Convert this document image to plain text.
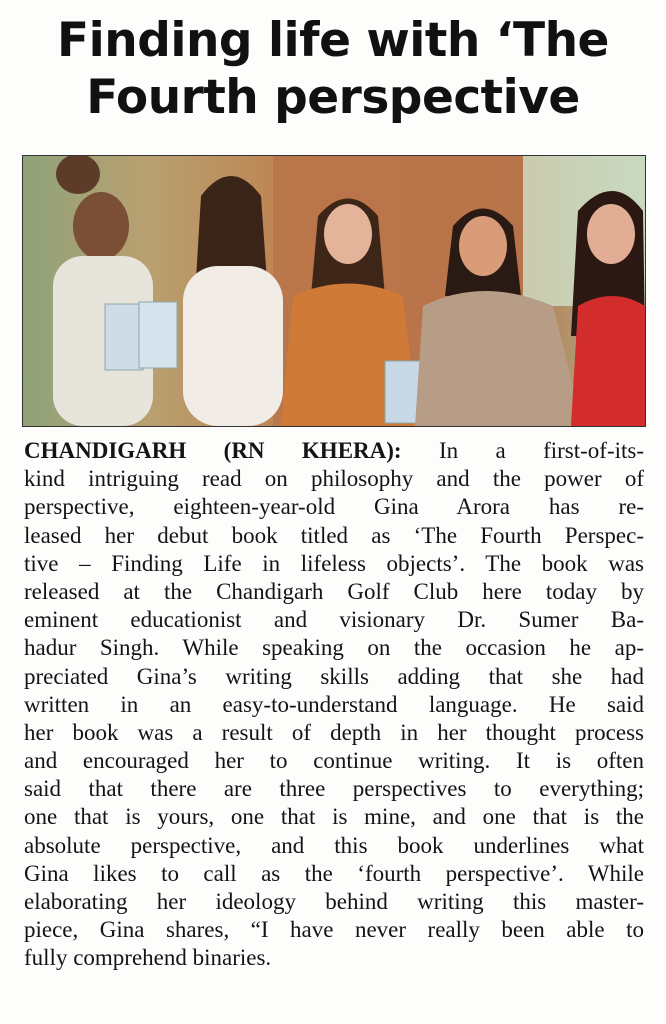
Finding life with ‘The
Fourth perspective
CHANDIGARH (RN KHERA): In a first-of-its-
kind intriguing read on philosophy and the power of
perspective, eighteen-year-old Gina Arora has re-
leased her debut book titled as ‘The Fourth Perspec-
tive – Finding Life in lifeless objects’. The book was
released at the Chandigarh Golf Club here today by
eminent educationist and visionary Dr. Sumer Ba-
hadur Singh. While speaking on the occasion he ap-
preciated Gina’s writing skills adding that she had
written in an easy-to-understand language. He said
her book was a result of depth in her thought process
and encouraged her to continue writing. It is often
said that there are three perspectives to everything;
one that is yours, one that is mine, and one that is the
absolute perspective, and this book underlines what
Gina likes to call as the ‘fourth perspective’. While
elaborating her ideology behind writing this master-
piece, Gina shares, “I have never really been able to
fully comprehend binaries.
